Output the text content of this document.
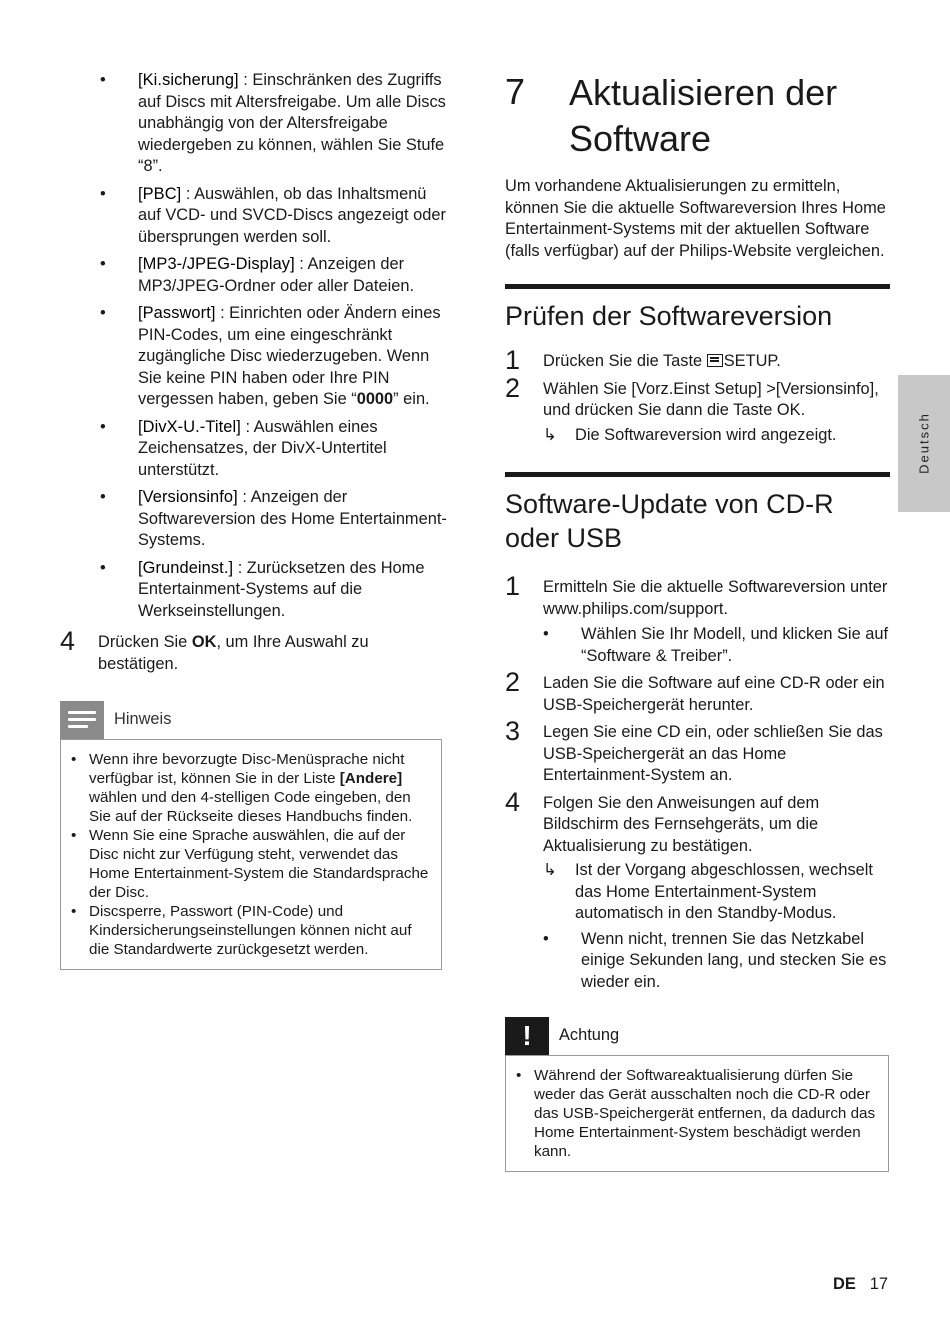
• [Ki.sicherung] : Einschränken des Zugriffs auf Discs mit Altersfreigabe. Um alle Discs unabhängig von der Altersfreigabe wiedergeben zu können, wählen Sie Stufe “8”.
• [PBC] : Auswählen, ob das Inhaltsmenü auf VCD- und SVCD-Discs angezeigt oder übersprungen werden soll.
• [MP3-/JPEG-Display] : Anzeigen der MP3/JPEG-Ordner oder aller Dateien.
• [Passwort] : Einrichten oder Ändern eines PIN-Codes, um eine eingeschränkt zugängliche Disc wiederzugeben. Wenn Sie keine PIN haben oder Ihre PIN vergessen haben, geben Sie “0000” ein.
• [DivX-U.-Titel] : Auswählen eines Zeichensatzes, der DivX-Untertitel unterstützt.
• [Versionsinfo] : Anzeigen der Softwareversion des Home Entertainment-Systems.
• [Grundeinst.] : Zurücksetzen des Home Entertainment-Systems auf die Werkseinstellungen.
4 Drücken Sie OK, um Ihre Auswahl zu bestätigen.
Hinweis
• Wenn ihre bevorzugte Disc-Menüsprache nicht verfügbar ist, können Sie in der Liste [Andere] wählen und den 4-stelligen Code eingeben, den Sie auf der Rückseite dieses Handbuchs finden.
• Wenn Sie eine Sprache auswählen, die auf der Disc nicht zur Verfügung steht, verwendet das Home Entertainment-System die Standardsprache der Disc.
• Discsperre, Passwort (PIN-Code) und Kindersicherungseinstellungen können nicht auf die Standardwerte zurückgesetzt werden.
7 Aktualisieren der Software
Um vorhandene Aktualisierungen zu ermitteln, können Sie die aktuelle Softwareversion Ihres Home Entertainment-Systems mit der aktuellen Software (falls verfügbar) auf der Philips-Website vergleichen.
Prüfen der Softwareversion
1 Drücken Sie die Taste SETUP.
2 Wählen Sie [Vorz.Einst Setup] >[Versionsinfo], und drücken Sie dann die Taste OK.
↳ Die Softwareversion wird angezeigt.
Software-Update von CD-R oder USB
1 Ermitteln Sie die aktuelle Softwareversion unter www.philips.com/support.
• Wählen Sie Ihr Modell, und klicken Sie auf “Software & Treiber”.
2 Laden Sie die Software auf eine CD-R oder ein USB-Speichergerät herunter.
3 Legen Sie eine CD ein, oder schließen Sie das USB-Speichergerät an das Home Entertainment-System an.
4 Folgen Sie den Anweisungen auf dem Bildschirm des Fernsehgeräts, um die Aktualisierung zu bestätigen.
↳ Ist der Vorgang abgeschlossen, wechselt das Home Entertainment-System automatisch in den Standby-Modus.
• Wenn nicht, trennen Sie das Netzkabel einige Sekunden lang, und stecken Sie es wieder ein.
!	Achtung
• Während der Softwareaktualisierung dürfen Sie weder das Gerät ausschalten noch die CD-R oder das USB-Speichergerät entfernen, da dadurch das Home Entertainment-System beschädigt werden kann.
Deutsch
DE 17
